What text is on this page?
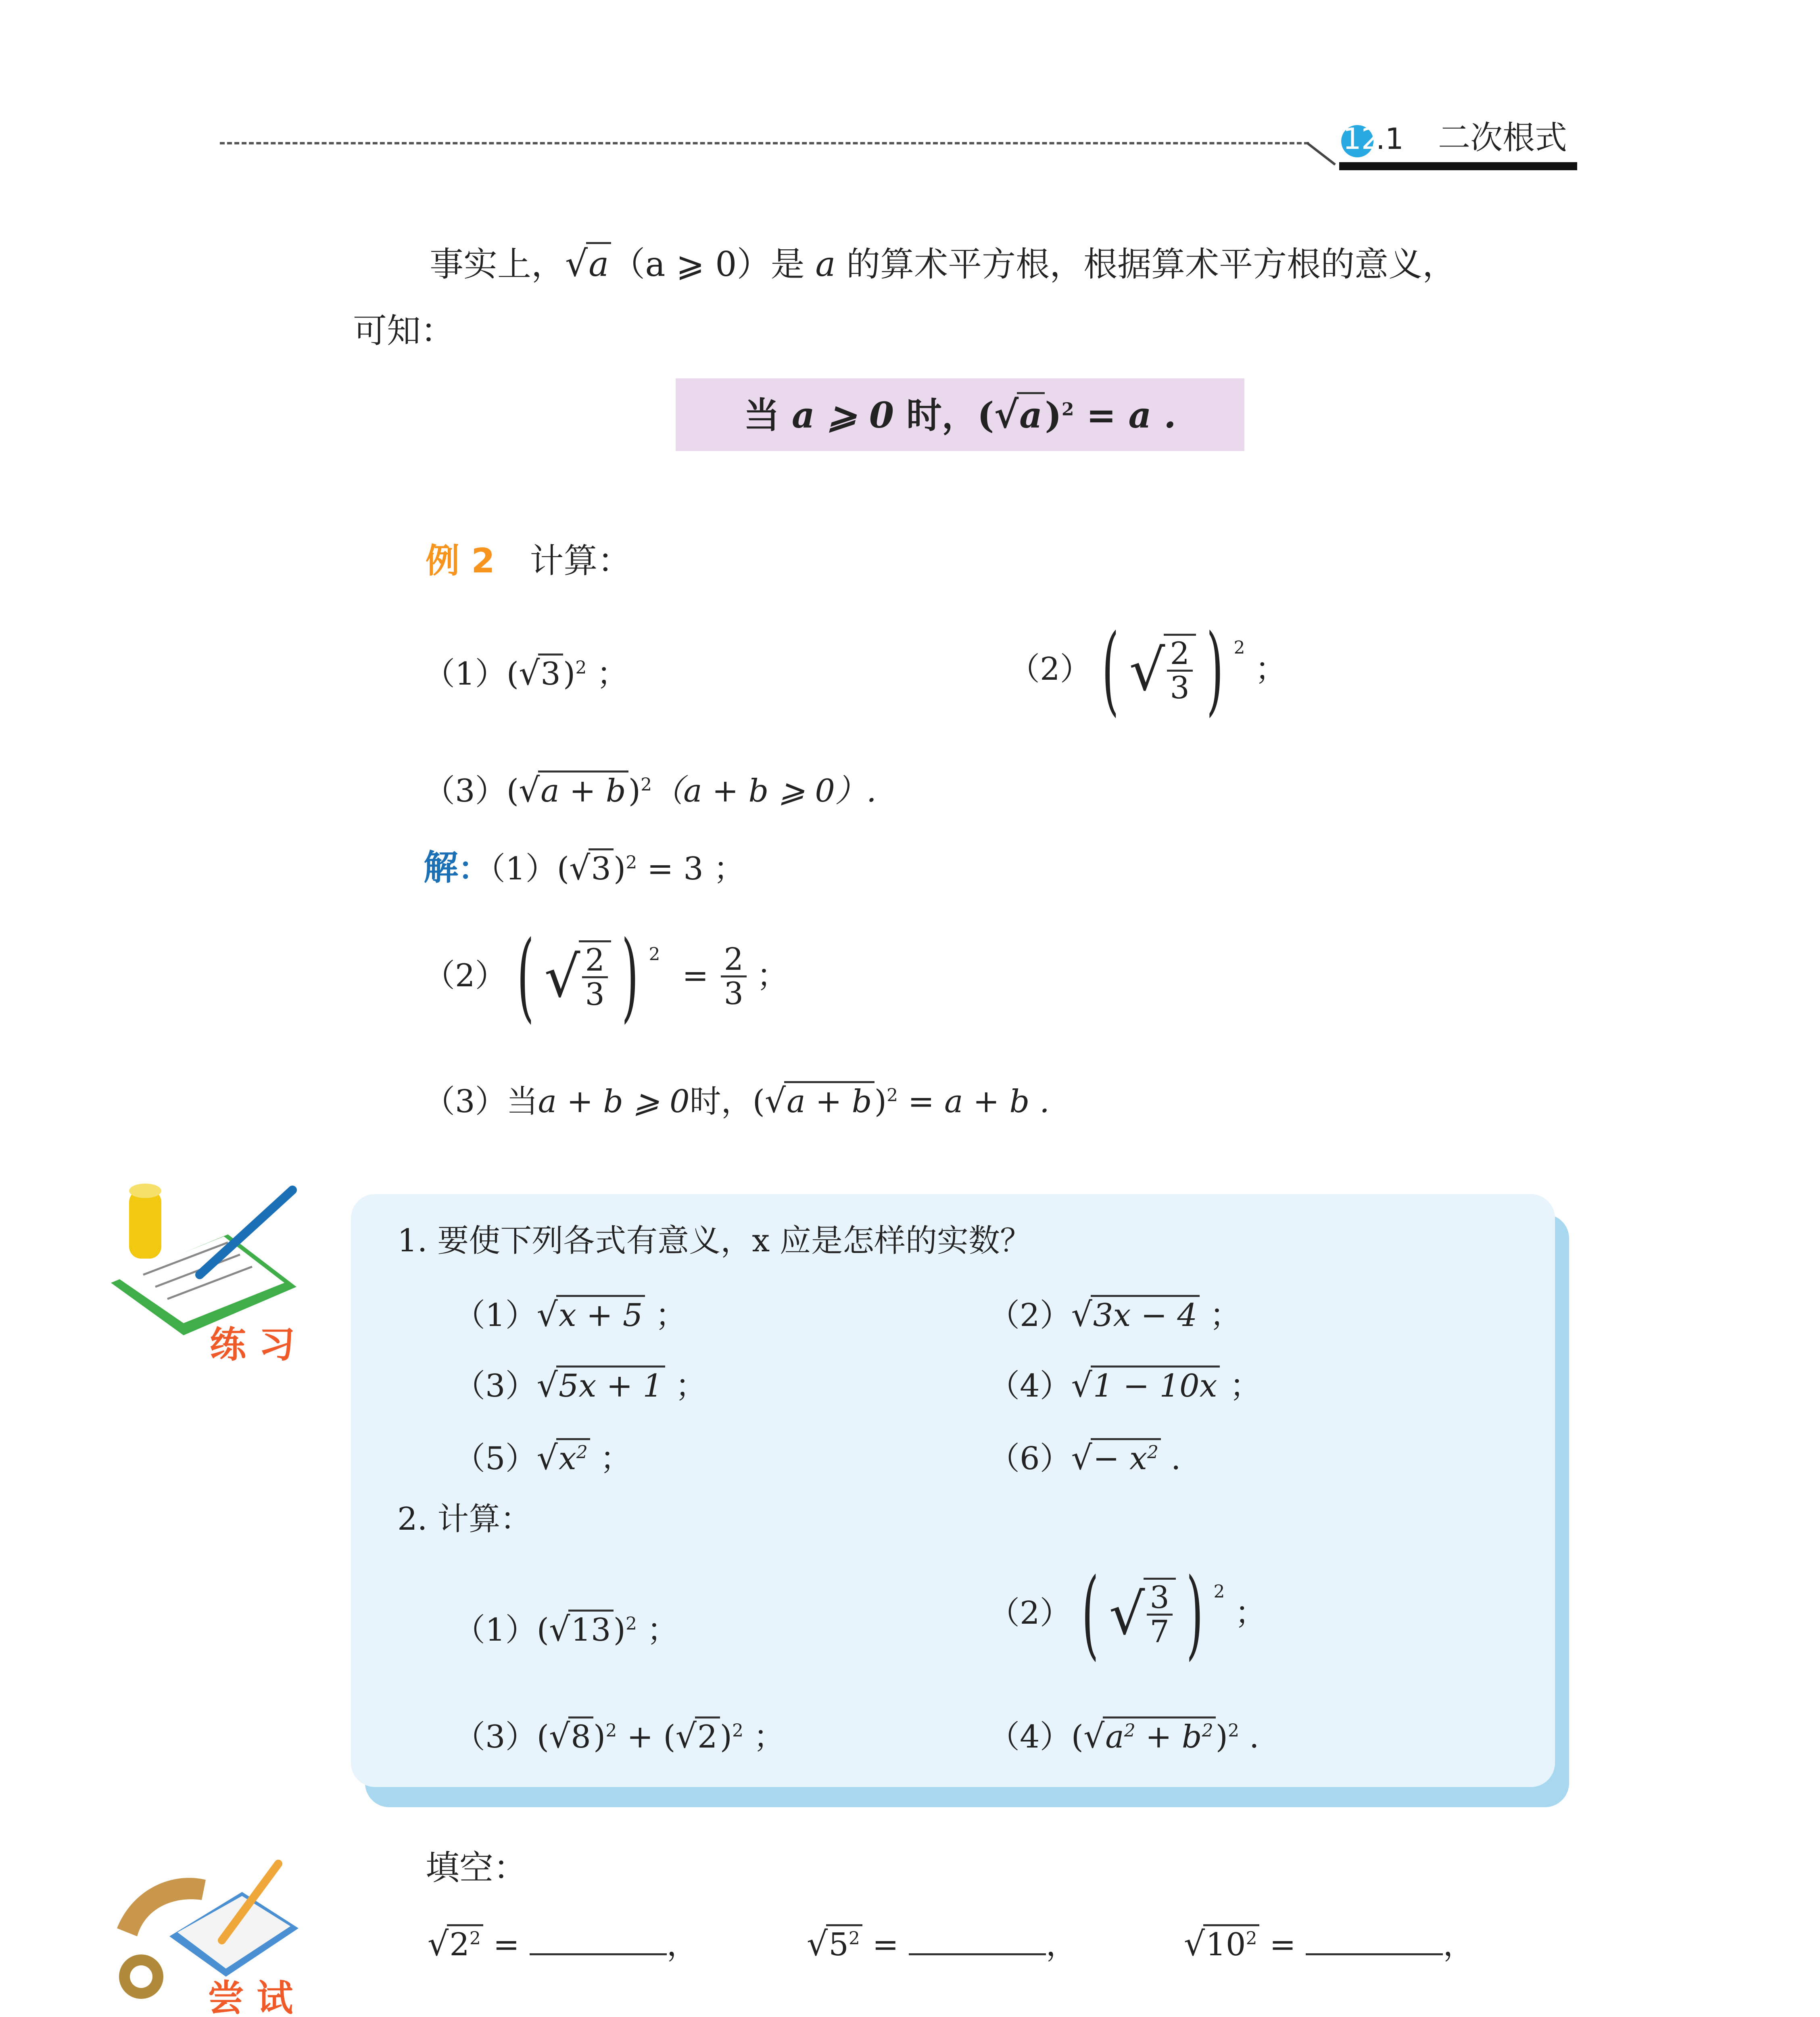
12
.1 二次根式
事实上，√a（a ⩾ 0）是 a 的算术平方根，根据算术平方根的意义，
可知：
当 a ⩾ 0 时，$(√a)^2 = a$ .
例 2 计算：
$(1)(√3)^2$ ；	（2） ( √ $\frac{2}{3}$ ) $^2$ ；
$(3)(√a + b)^2(a + b$ ⩾ 0）.
解：$(1)(√3)^2 = 3$ ；
（2） ( √ $\frac{2}{3}$ ) $^2 = \frac{2}{3}$ ；
（3）当a + b ⩾ 0时，$(√a + b)^2 = a + b$ .
练 习
1. 要使下列各式有意义，x 应是怎样的实数？
（1）√x + 5 ；	（2）√3x − 4 ；
（3）√5x + 1 ；	（4）√1 − 10x ；
$(5)√x^2$ ；	$(6)√- x^2$ .
2. 计算：
$(1)(√13)^2$ ；	（2） ( √ $\frac{3}{7}$ ) $^2$ ；
$(3)(√8)^2 + (√2)^2$ ；	$(4)(√a^2 + b^2)^2$ .
尝 试
填空：
$√2^2$ =	，	$√5^2$ =	，	$√10^2$ =	，
